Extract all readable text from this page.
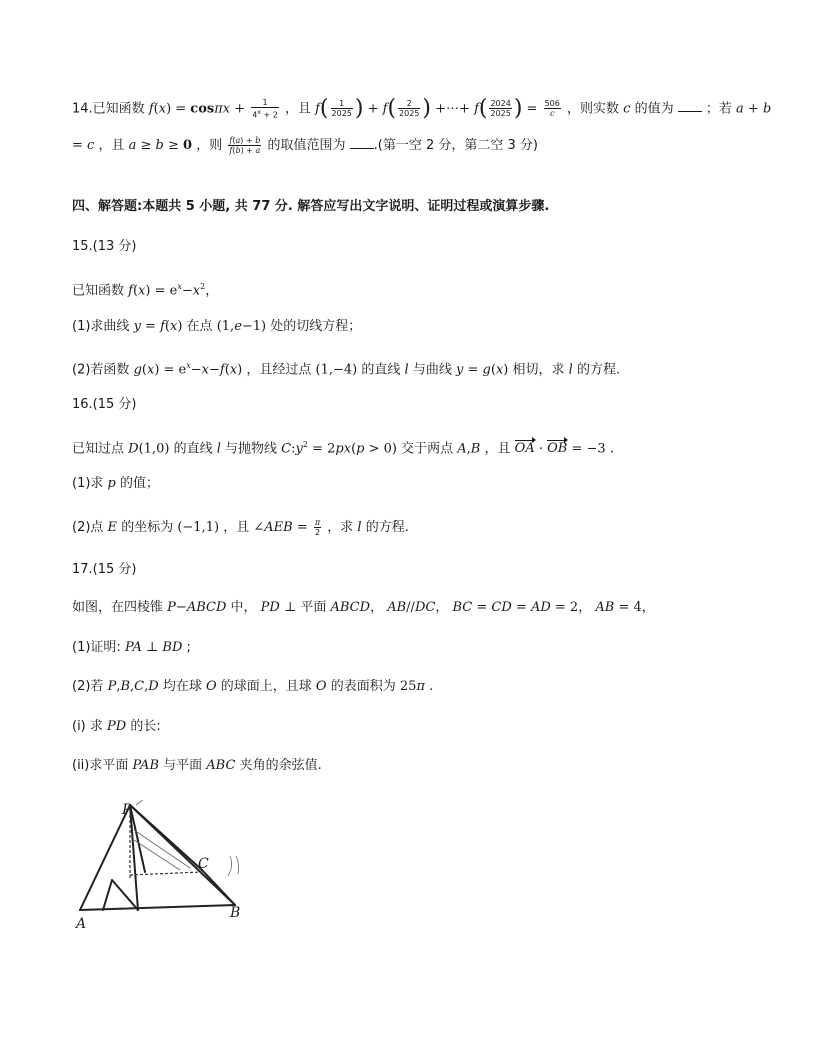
14.已知函数 $f(x) = \cos\pi x + \frac{1}{4^x + 2}$ ，且 $f( \frac{1}{2025}$ ) + $f( \frac{2}{2025}$ ) +⋯+ $f( \frac{2024}{2025}$ ) = $\frac{506}{c}$ ，则实数 c 的值为 ；若 a + b
= c ，且 a ≥ b ≥ 0 ，则 $\frac{f(a) + b}{f(b) + a}$ 的取值范围为 .(第一空 2 分，第二空 3 分)
四、解答题:本题共 5 小题, 共 77 分. 解答应写出文字说明、证明过程或演算步骤.
15.(13 分)
已知函数 $f(x) = e^x-x^2$，
(1)求曲线 y = f(x) 在点 (1,e−1) 处的切线方程；
(2)若函数 $g(x) = e^x-x-f(x)$ ，且经过点 (1,−4) 的直线 l 与曲线 y = g(x) 相切，求 l 的方程.
16.(15 分)
已知过点 D(1,0) 的直线 l 与抛物线 $C:y^2 = 2px(p > 0)$ 交于两点 A,B ，且 OA · OB = −3 .
(1)求 p 的值；
(2)点 E 的坐标为 (−1,1) ，且 ∠AEB = $\frac{\pi}{2}$ ，求 l 的方程.
17.(15 分)
如图，在四棱锥 P−ABCD 中， PD ⊥ 平面 ABCD， AB//DC， BC = CD = AD = 2， AB = 4，
(1)证明: PA ⊥ BD ;
(2)若 P,B,C,D 均在球 O 的球面上，且球 O 的表面积为 25π .
(i) 求 PD 的长:
(ii)求平面 PAB 与平面 ABC 夹角的余弦值.
P
C
A
B
